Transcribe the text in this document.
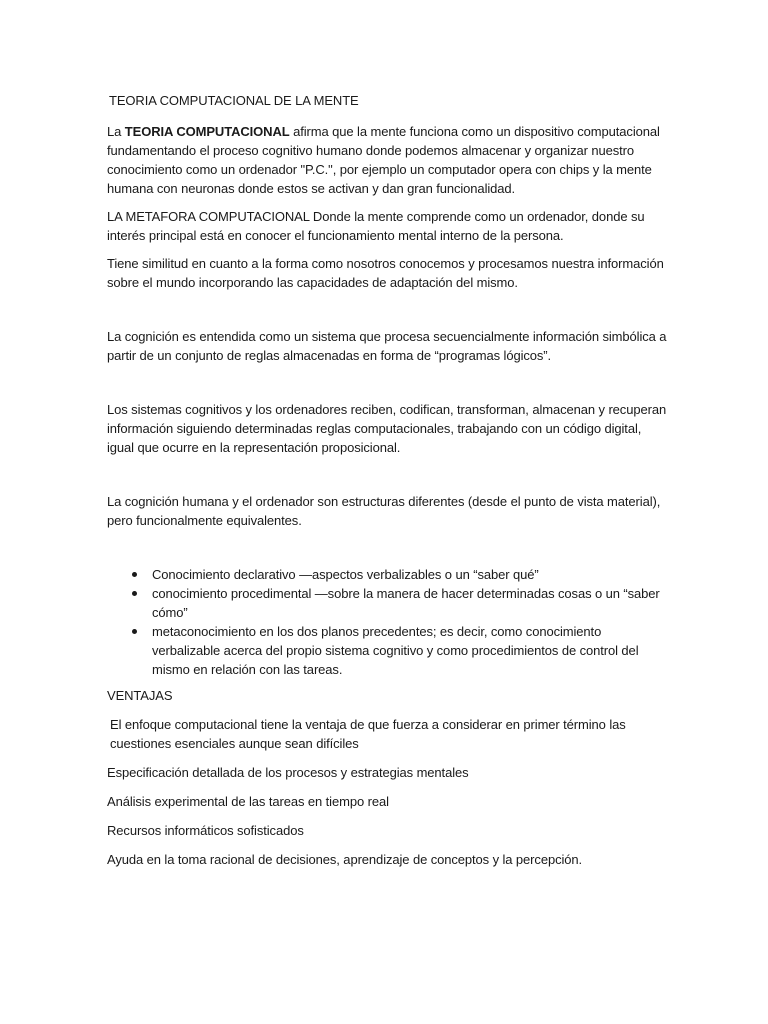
TEORIA COMPUTACIONAL DE LA MENTE

La TEORIA COMPUTACIONAL afirma que la mente funciona como un dispositivo computacional fundamentando el proceso cognitivo humano donde podemos almacenar y organizar nuestro conocimiento como un ordenador "P.C.", por ejemplo un computador opera con chips y la mente humana con neuronas donde estos se activan y dan gran funcionalidad.

LA METAFORA COMPUTACIONAL Donde la mente comprende como un ordenador, donde su interés principal está en conocer el funcionamiento mental interno de la persona.

Tiene similitud en cuanto a la forma como nosotros conocemos y procesamos nuestra información sobre el mundo incorporando las capacidades de adaptación del mismo.

La cognición es entendida como un sistema que procesa secuencialmente información simbólica a partir de un conjunto de reglas almacenadas en forma de “programas lógicos”.

Los sistemas cognitivos y los ordenadores reciben, codifican, transforman, almacenan y recuperan información siguiendo determinadas reglas computacionales, trabajando con un código digital, igual que ocurre en la representación proposicional.

La cognición humana y el ordenador son estructuras diferentes (desde el punto de vista material), pero funcionalmente equivalentes.

Conocimiento declarativo —aspectos verbalizables o un “saber qué”
conocimiento procedimental —sobre la manera de hacer determinadas cosas o un “saber cómo”
metaconocimiento en los dos planos precedentes; es decir, como conocimiento verbalizable acerca del propio sistema cognitivo y como procedimientos de control del mismo en relación con las tareas.

VENTAJAS

El enfoque computacional tiene la ventaja de que fuerza a considerar en primer término las cuestiones esenciales aunque sean difíciles

Especificación detallada de los procesos y estrategias mentales

Análisis experimental de las tareas en tiempo real

Recursos informáticos sofisticados

Ayuda en la toma racional de decisiones, aprendizaje de conceptos y la percepción.
